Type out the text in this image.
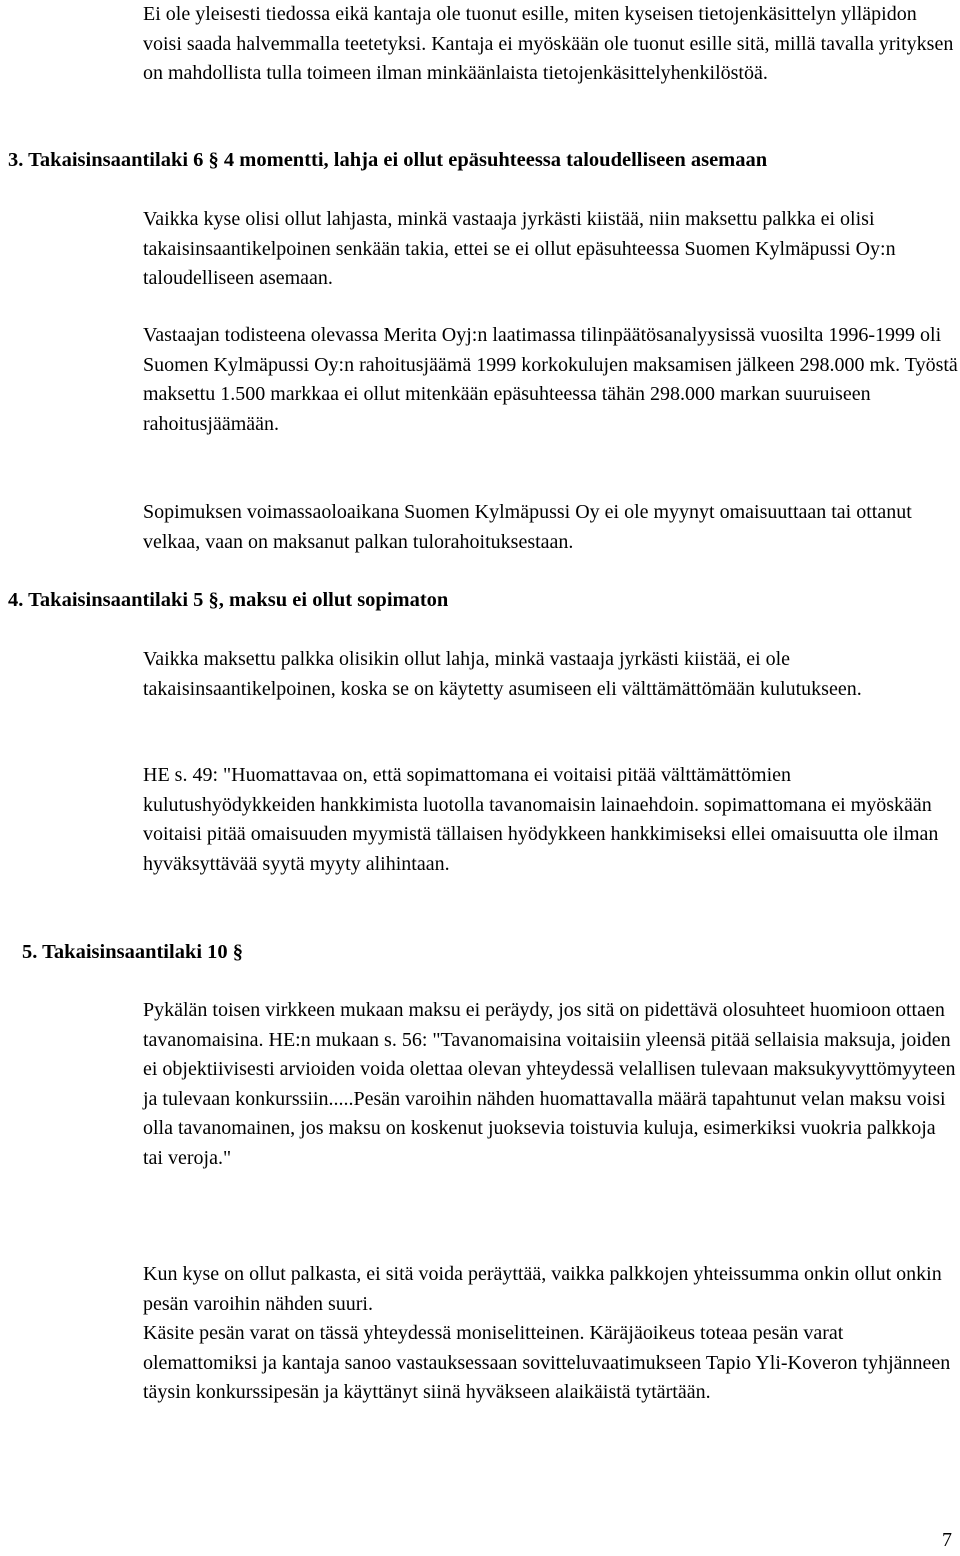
Ei ole yleisesti tiedossa eikä kantaja ole tuonut esille, miten kyseisen tietojenkäsittelyn ylläpidon voisi saada halvemmalla teetetyksi. Kantaja ei myöskään ole tuonut esille sitä, millä tavalla yrityksen on mahdollista tulla toimeen ilman minkäänlaista tietojenkäsittelyhenkilöstöä.

3. Takaisinsaantilaki 6 § 4 momentti, lahja ei ollut epäsuhteessa taloudelliseen asemaan

Vaikka kyse olisi ollut lahjasta, minkä vastaaja jyrkästi kiistää, niin maksettu palkka ei olisi takaisinsaantikelpoinen senkään takia, ettei se ei ollut epäsuhteessa Suomen Kylmäpussi Oy:n taloudelliseen asemaan.

Vastaajan todisteena olevassa Merita Oyj:n laatimassa tilinpäätösanalyysissä vuosilta 1996-1999 oli Suomen Kylmäpussi Oy:n rahoitusjäämä 1999 korkokulujen maksamisen jälkeen 298.000 mk. Työstä maksettu 1.500 markkaa ei ollut mitenkään epäsuhteessa tähän 298.000 markan suuruiseen rahoitusjäämään.

Sopimuksen voimassaoloaikana Suomen Kylmäpussi Oy ei ole myynyt omaisuuttaan tai ottanut velkaa, vaan on maksanut palkan tulorahoituksestaan.

4. Takaisinsaantilaki 5 §, maksu ei ollut sopimaton

Vaikka maksettu palkka olisikin ollut lahja, minkä vastaaja jyrkästi kiistää, ei ole takaisinsaantikelpoinen, koska se on käytetty asumiseen eli välttämättömään kulutukseen.

HE s. 49: "Huomattavaa on, että sopimattomana ei voitaisi pitää välttämättömien kulutushyödykkeiden hankkimista luotolla tavanomaisin lainaehdoin. sopimattomana ei myöskään voitaisi pitää omaisuuden myymistä tällaisen hyödykkeen hankkimiseksi ellei omaisuutta ole ilman hyväksyttävää syytä myyty alihintaan.

5. Takaisinsaantilaki 10 §

Pykälän toisen virkkeen mukaan maksu ei peräydy, jos sitä on pidettävä olosuhteet huomioon ottaen tavanomaisina. HE:n mukaan s. 56: "Tavanomaisina voitaisiin yleensä pitää sellaisia maksuja, joiden ei objektiivisesti arvioiden voida olettaa olevan yhteydessä velallisen tulevaan maksukyvyttömyyteen ja tulevaan konkurssiin.....Pesän varoihin nähden huomattavalla määrä tapahtunut velan maksu voisi olla tavanomainen, jos maksu on koskenut juoksevia toistuvia kuluja, esimerkiksi vuokria palkkoja tai veroja."

Kun kyse on ollut palkasta, ei sitä voida peräyttää, vaikka palkkojen yhteissumma onkin ollut onkin pesän varoihin nähden suuri.

Käsite pesän varat on tässä yhteydessä moniselitteinen. Käräjäoikeus toteaa pesän varat olemattomiksi ja kantaja sanoo vastauksessaan sovitteluvaatimukseen Tapio Yli-Koveron tyhjänneen täysin konkurssipesän ja käyttänyt siinä hyväkseen alaikäistä tytärtään.

7
